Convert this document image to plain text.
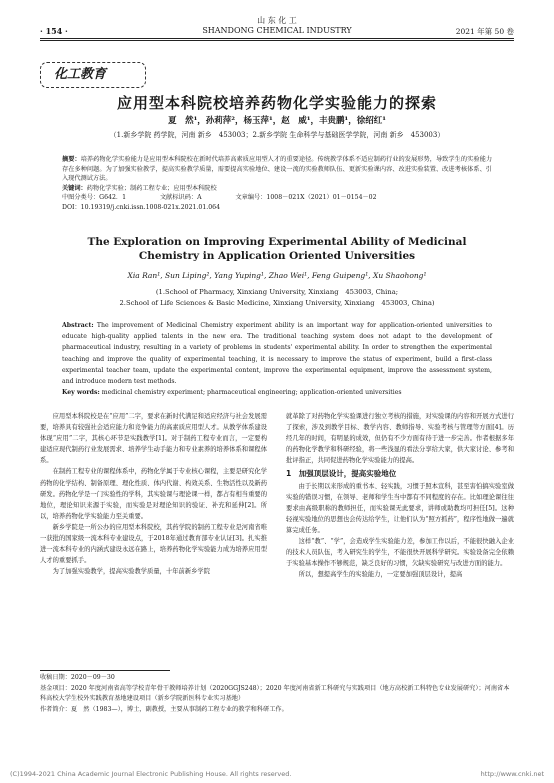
· 154 ·
山 东 化 工
SHANDONG CHEMICAL INDUSTRY	2021 年第 50 卷
化工教育
应用型本科院校培养药物化学实验能力的探索
夏　然¹，孙莉萍²，杨玉萍¹，赵　威¹，丰贵鹏¹，徐绍红¹
（1.新乡学院 药学院，河南 新乡　453003；2.新乡学院 生命科学与基础医学学院，河南 新乡　453003）
摘要：培养药物化学实验能力是应用型本科院校在新时代培养高素质应用型人才的重要途径。传统教学体系不适应制药行业的发展形势，导致学生的实验能力存在多种问题。为了加强实验教学，提高实验教学质量，需要提高实验地位、建设一流的实验教师队伍、更新实验课内容、改进实验装置、改进考核体系、引入现代测试方法。
关键词：药物化学实验；制药工程专业；应用型本科院校
中图分类号：G642．1	文献标识码：A	文章编号：1008－021X（2021）01－0154－02
DOI：10.19319/j.cnki.issn.1008-021x.2021.01.064
The Exploration on Improving Experimental Ability of Medicinal Chemistry in Application Oriented Universities
Xia Ran¹, Sun Liping², Yang Yuping¹, Zhao Wei¹, Feng Guipeng¹, Xu Shaohong¹
(1.School of Pharmacy, Xinxiang University, Xinxiang　453003, China;
2.School of Life Sciences & Basic Medicine, Xinxiang University, Xinxiang　453003, China)
Abstract: The improvement of Medicinal Chemistry experiment ability is an important way for application-oriented universities to educate high-quality applied talents in the new era. The traditional teaching system does not adapt to the development of pharmaceutical industry, resulting in a variety of problems in students' experimental ability. In order to strengthen the experimental teaching and improve the quality of experimental teaching, it is necessary to improve the status of experiment, build a first-class experimental teacher team, update the experimental content, improve the experimental equipment, improve the assessment system, and introduce modern test methods.
Key words: medicinal chemistry experiment; pharmaceutical engineering; application-oriented universities

应用型本科院校是在“应用”二字，要求在新时代满足和适应经济与社会发展需要，培养具有较强社会适应能力和竞争能力的高素质应用型人才。从教学体系建设体现“应用”二字，其核心环节是实践教学[1]。对于制药工程专业而言，一定要构建适应现代制药行业发展需求、培养学生动手能力和专业素养的培养体系和课程体系。

在制药工程专业的课程体系中，药物化学属于专业核心课程，主要是研究化学药物的化学结构、制备原理、理化性质、体内代谢、构效关系、生物活性以及新药研发。药物化学是一门实验性的学科，其实验课与理论课一样，都占有相当重要的地位，理论知识来源于实验，而实验是对理论知识的验证、补充和延伸[2]。所以，培养药物化学实验能力至关重要。

新乡学院是一所公办的应用型本科院校，其药学院的制药工程专业是河南省唯一获批的国家级一流本科专业建设点，于2018年通过教育部专业认证[3]。扎实推进一流本科专业的内涵式建设永远在路上，培养药物化学实验能力成为培养应用型人才的重要抓手。

为了加强实验教学，提高实验教学质量，十年前新乡学院

就革除了对药物化学实验课进行独立考核的措施，对实验课的内容和开展方式进行了探索，涉及到教学目标、教学内容、教师指导、实验考核与管理等方面[4]。历经几年的时间，有明显的成效，但仍有不少方面有待于进一步完善。作者根据多年的药物化学教学和科研经验，将一些浅显的看法分享给大家，供大家讨论、参考和批评指正，共同促进药物化学实验能力的提高。

1　加强顶层设计，提高实验地位

由于长期以来形成的重书本、轻实践，习惯于照本宣科，甚至害怕搞实验室做实验的错误习惯，在领导、老师和学生当中都有不同程度的存在。比如理论课往往要求由高级职称的教师担任，而实验课无此要求，讲师或助教均可担任[5]。这种轻视实验地位的思想也会传达给学生，让他们认为“照方抓药”，程序性地做一遍就算完成任务。

这样“教”、“学”，会造成学生实验能力差，参加工作以后，不能很快融入企业的技术人员队伍，考入研究生的学生，不能很快开展科学研究。实验设备完全依赖于实验基本操作不够规范，缺乏良好的习惯，欠缺实验研究与改进方面的能力。

所以，想提高学生的实验能力，一定要加强顶层设计，提高

收稿日期：2020－09－30
基金项目：2020 年度河南省高等学校青年骨干教师培养计划（2020GGJS248）；2020 年度河南省新工科研究与实践项目（地方高校新工科特色专业发展研究）；河南省本科高校大学生校外实践教育基地建设项目（新乡学院新医科专业实习基地）
作者简介：夏　然（1983—），博士，副教授，主要从事制药工程专业的教学和科研工作。
(C)1994-2021 China Academic Journal Electronic Publishing House. All rights reserved.	http://www.cnki.net
